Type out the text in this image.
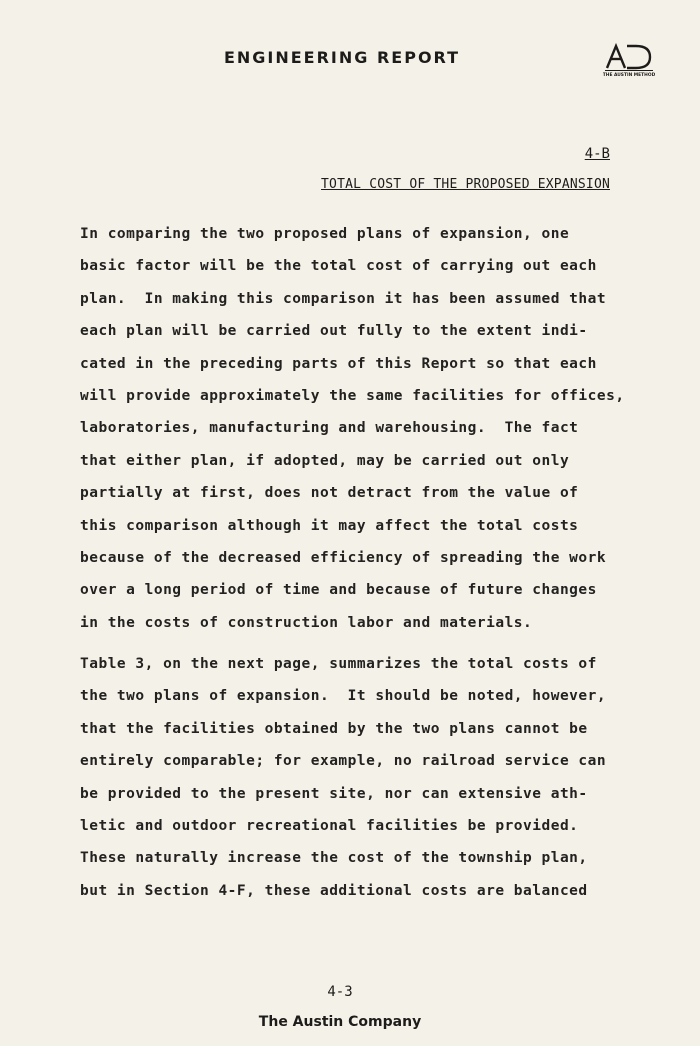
ENGINEERING REPORT
THE AUSTIN METHOD
4-B
TOTAL COST OF THE PROPOSED EXPANSION
In comparing the two proposed plans of expansion, one
basic factor will be the total cost of carrying out each
plan.  In making this comparison it has been assumed that
each plan will be carried out fully to the extent indi-
cated in the preceding parts of this Report so that each
will provide approximately the same facilities for offices,
laboratories, manufacturing and warehousing.  The fact
that either plan, if adopted, may be carried out only
partially at first, does not detract from the value of
this comparison although it may affect the total costs
because of the decreased efficiency of spreading the work
over a long period of time and because of future changes
in the costs of construction labor and materials.
Table 3, on the next page, summarizes the total costs of
the two plans of expansion.  It should be noted, however,
that the facilities obtained by the two plans cannot be
entirely comparable; for example, no railroad service can
be provided to the present site, nor can extensive ath-
letic and outdoor recreational facilities be provided.
These naturally increase the cost of the township plan,
but in Section 4-F, these additional costs are balanced
4-3
The Austin Company
